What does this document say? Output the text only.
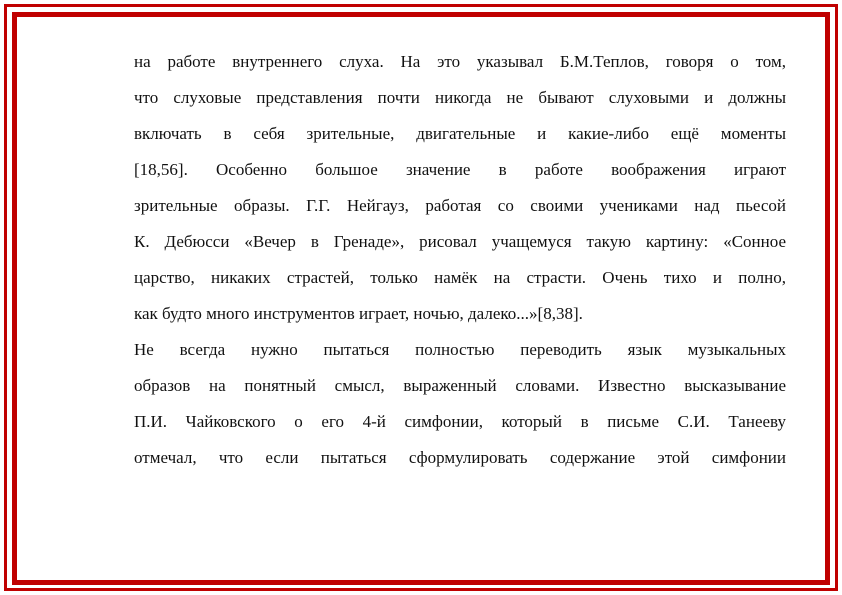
на работе внутреннего слуха. На это указывал Б.М.Теплов, говоря о том,
что слуховые представления почти никогда не бывают слуховыми и должны
включать в себя зрительные, двигательные и какие-либо ещё моменты
[18,56]. Особенно большое значение в работе воображения играют
зрительные образы. Г.Г. Нейгауз, работая со своими учениками над пьесой
К. Дебюсси «Вечер в Гренаде», рисовал учащемуся такую картину: «Сонное
царство, никаких страстей, только намёк на страсти. Очень тихо и полно,
как будто много инструментов играет, ночью, далеко...»[8,38].
Не всегда нужно пытаться полностью переводить язык музыкальных
образов на понятный смысл, выраженный словами. Известно высказывание
П.И. Чайковского о его 4-й симфонии, который в письме С.И. Танееву
отмечал, что если пытаться сформулировать содержание этой симфонии
